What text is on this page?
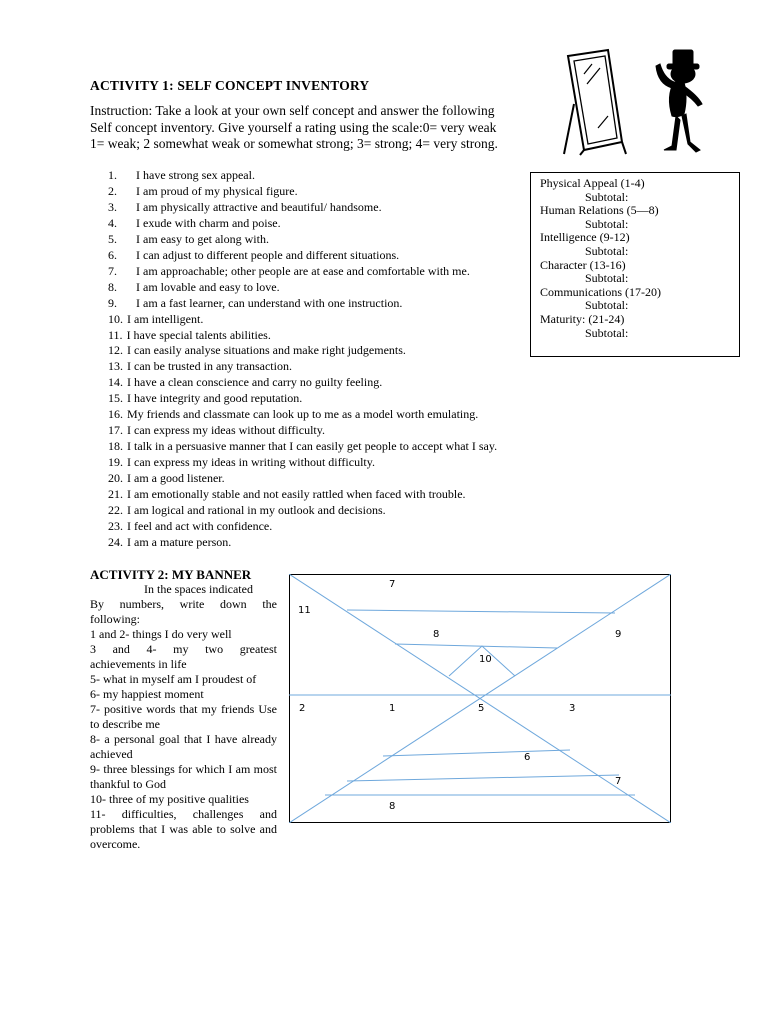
ACTIVITY 1: SELF CONCEPT INVENTORY
Instruction: Take a look at your own self concept and answer the following
Self concept inventory. Give yourself a rating using the scale:0= very weak
1= weak; 2 somewhat weak or somewhat strong; 3= strong; 4= very strong.
1. I have strong sex appeal.
2. I am proud of my physical figure.
3. I am physically attractive and beautiful/ handsome.
4. I exude with charm and poise.
5. I am easy to get along with.
6. I can adjust to different people and different situations.
7. I am approachable; other people are at ease and comfortable with me.
8. I am lovable and easy to love.
9. I am a fast learner, can understand with one instruction.
10. I am intelligent.
11. I have special talents abilities.
12. I can easily analyse situations and make right judgements.
13. I can be trusted in any transaction.
14. I have a clean conscience and carry no guilty feeling.
15. I have integrity and good reputation.
16. My friends and classmate can look up to me as a model worth emulating.
17. I can express my ideas without difficulty.
18. I talk in a persuasive manner that I can easily get people to accept what I say.
19. I can express my ideas in writing without difficulty.
20. I am a good listener.
21. I am emotionally stable and not easily rattled when faced with trouble.
22. I am logical and rational in my outlook and decisions.
23. I feel and act with confidence.
24. I am a mature person.
Physical Appeal (1-4)
Subtotal:
Human Relations (5—8)
Subtotal:
Intelligence (9-12)
Subtotal:
Character (13-16)
Subtotal:
Communications (17-20)
Subtotal:
Maturity: (21-24)
Subtotal:
ACTIVITY 2: MY BANNER
In the spaces indicated
By numbers, write down the following:
1 and 2- things I do very well
3 and 4- my two greatest achievements in life
5- what in myself am I proudest of
6- my happiest moment
7- positive words that my friends Use to describe me
8- a personal goal that I have already achieved
9- three blessings for which I am most thankful to God
10- three of my positive qualities
11- difficulties, challenges and problems that I was able to solve and overcome.
7
11
8	9
10
2	1	5	3
6
7
8
